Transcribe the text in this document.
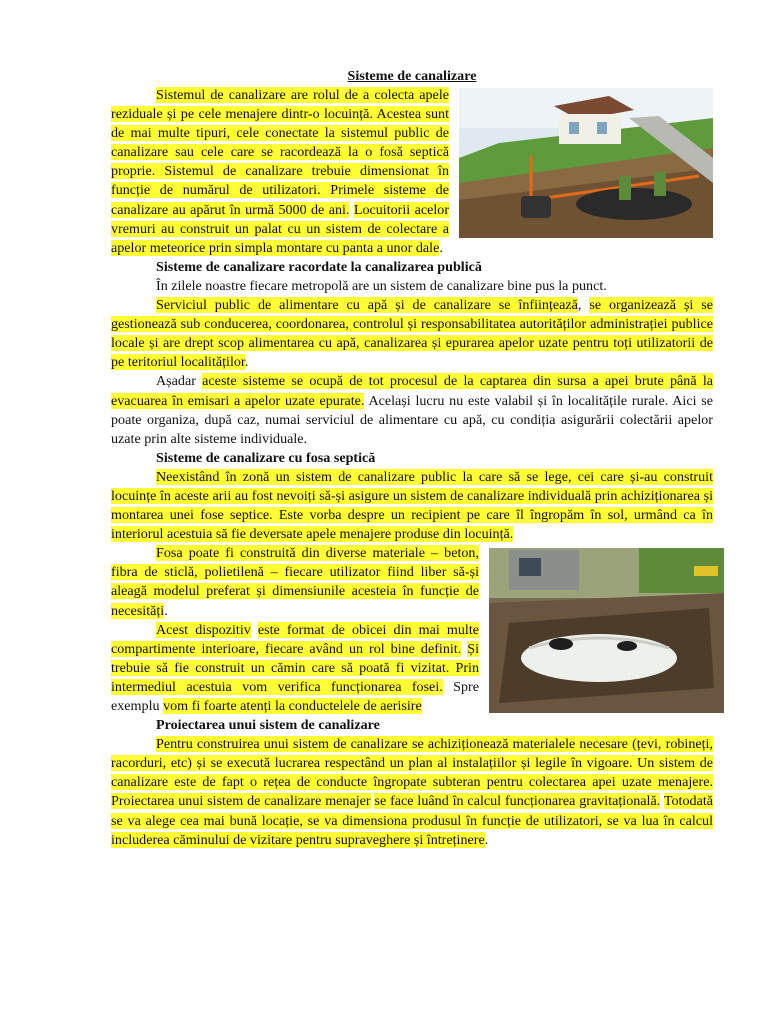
Sisteme de canalizare

Sistemul de canalizare are rolul de a colecta apele reziduale și pe cele menajere dintr-o locuință. Acestea sunt de mai multe tipuri, cele conectate la sistemul public de canalizare sau cele care se racordează la o fosă septică proprie. Sistemul de canalizare trebuie dimensionat în funcție de numărul de utilizatori. Primele sisteme de canalizare au apărut în urmă 5000 de ani. Locuitorii acelor vremuri au construit un palat cu un sistem de colectare a apelor meteorice prin simpla montare cu panta a unor dale.

Sisteme de canalizare racordate la canalizarea publică

În zilele noastre fiecare metropolă are un sistem de canalizare bine pus la punct.

Serviciul public de alimentare cu apă și de canalizare se înființează, se organizează și se gestionează sub conducerea, coordonarea, controlul și responsabilitatea autorităților administrației publice locale și are drept scop alimentarea cu apă, canalizarea și epurarea apelor uzate pentru toți utilizatorii de pe teritoriul localităților.

Așadar aceste sisteme se ocupă de tot procesul de la captarea din sursa a apei brute până la evacuarea în emisari a apelor uzate epurate. Același lucru nu este valabil și în localitățile rurale. Aici se poate organiza, după caz, numai serviciul de alimentare cu apă, cu condiția asigurării colectării apelor uzate prin alte sisteme individuale.

Sisteme de canalizare cu fosa septică

Neexistând în zonă un sistem de canalizare public la care să se lege, cei care și-au construit locuințe în aceste arii au fost nevoiți să-și asigure un sistem de canalizare individuală prin achiziționarea și montarea unei fose septice. Este vorba despre un recipient pe care îl îngropăm în sol, urmând ca în interiorul acestuia să fie deversate apele menajere produse din locuință.

Fosa poate fi construită din diverse materiale – beton, fibra de sticlă, polietilenă – fiecare utilizator fiind liber să-și aleagă modelul preferat și dimensiunile acesteia în funcție de necesități.

Acest dispozitiv este format de obicei din mai multe compartimente interioare, fiecare având un rol bine definit. Și trebuie să fie construit un cămin care să poată fi vizitat. Prin intermediul acestuia vom verifica funcționarea fosei. Spre exemplu vom fi foarte atenți la conductelele de aerisire

Proiectarea unui sistem de canalizare

Pentru construirea unui sistem de canalizare se achiziționează materialele necesare (țevi, robineți, racorduri, etc) și se execută lucrarea respectând un plan al instalațiilor și legile în vigoare. Un sistem de canalizare este de fapt o rețea de conducte îngropate subteran pentru colectarea apei uzate menajere. Proiectarea unui sistem de canalizare menajer se face luând în calcul funcționarea gravitațională. Totodată se va alege cea mai bună locație, se va dimensiona produsul în funcție de utilizatori, se va lua în calcul includerea căminului de vizitare pentru supraveghere și întreținere.
